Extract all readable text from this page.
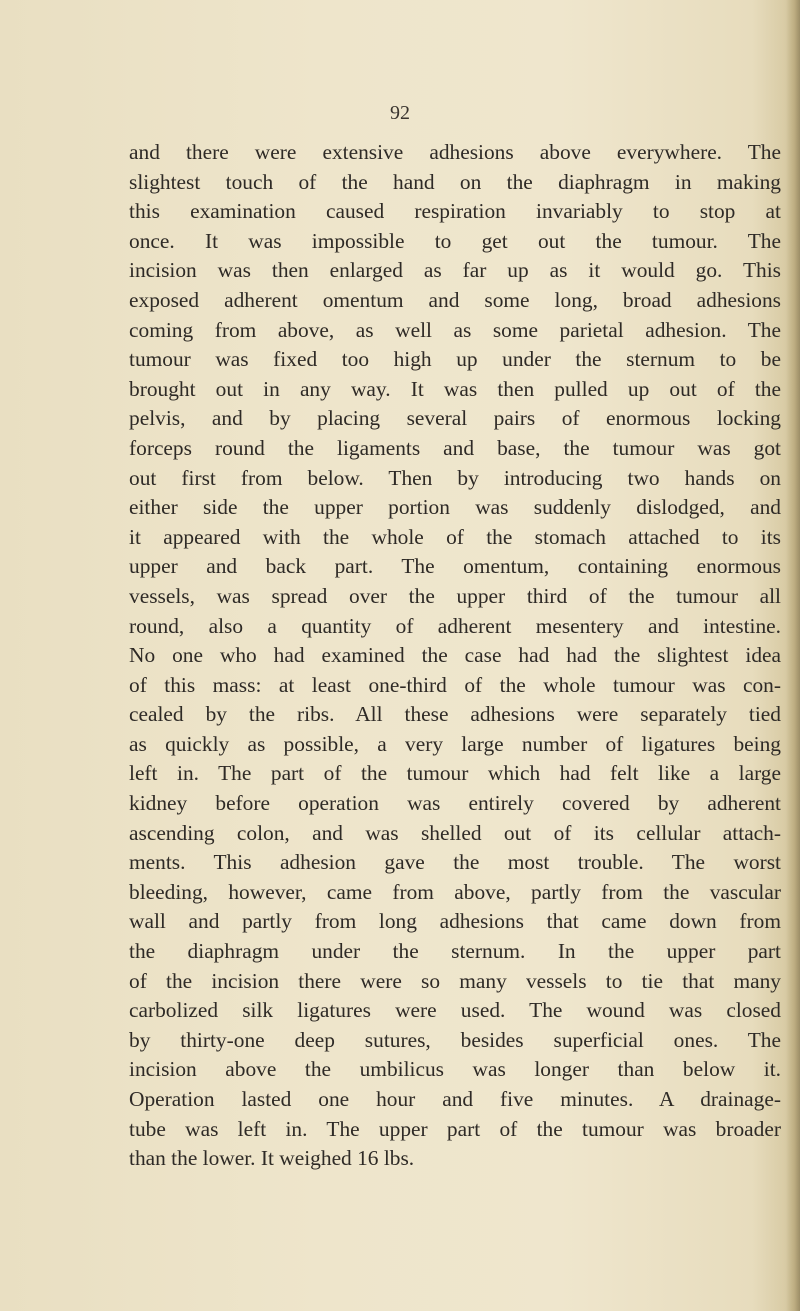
92
and there were extensive adhesions above everywhere. The
slightest touch of the hand on the diaphragm in making
this examination caused respiration invariably to stop at
once. It was impossible to get out the tumour. The
incision was then enlarged as far up as it would go. This
exposed adherent omentum and some long, broad adhesions
coming from above, as well as some parietal adhesion. The
tumour was fixed too high up under the sternum to be
brought out in any way. It was then pulled up out of the
pelvis, and by placing several pairs of enormous locking
forceps round the ligaments and base, the tumour was got
out first from below. Then by introducing two hands on
either side the upper portion was suddenly dislodged, and
it appeared with the whole of the stomach attached to its
upper and back part. The omentum, containing enormous
vessels, was spread over the upper third of the tumour all
round, also a quantity of adherent mesentery and intestine.
No one who had examined the case had had the slightest idea
of this mass: at least one-third of the whole tumour was con-
cealed by the ribs. All these adhesions were separately tied
as quickly as possible, a very large number of ligatures being
left in. The part of the tumour which had felt like a large
kidney before operation was entirely covered by adherent
ascending colon, and was shelled out of its cellular attach-
ments. This adhesion gave the most trouble. The worst
bleeding, however, came from above, partly from the vascular
wall and partly from long adhesions that came down from
the diaphragm under the sternum. In the upper part
of the incision there were so many vessels to tie that many
carbolized silk ligatures were used. The wound was closed
by thirty-one deep sutures, besides superficial ones. The
incision above the umbilicus was longer than below it.
Operation lasted one hour and five minutes. A drainage-
tube was left in. The upper part of the tumour was broader
than the lower. It weighed 16 lbs.
